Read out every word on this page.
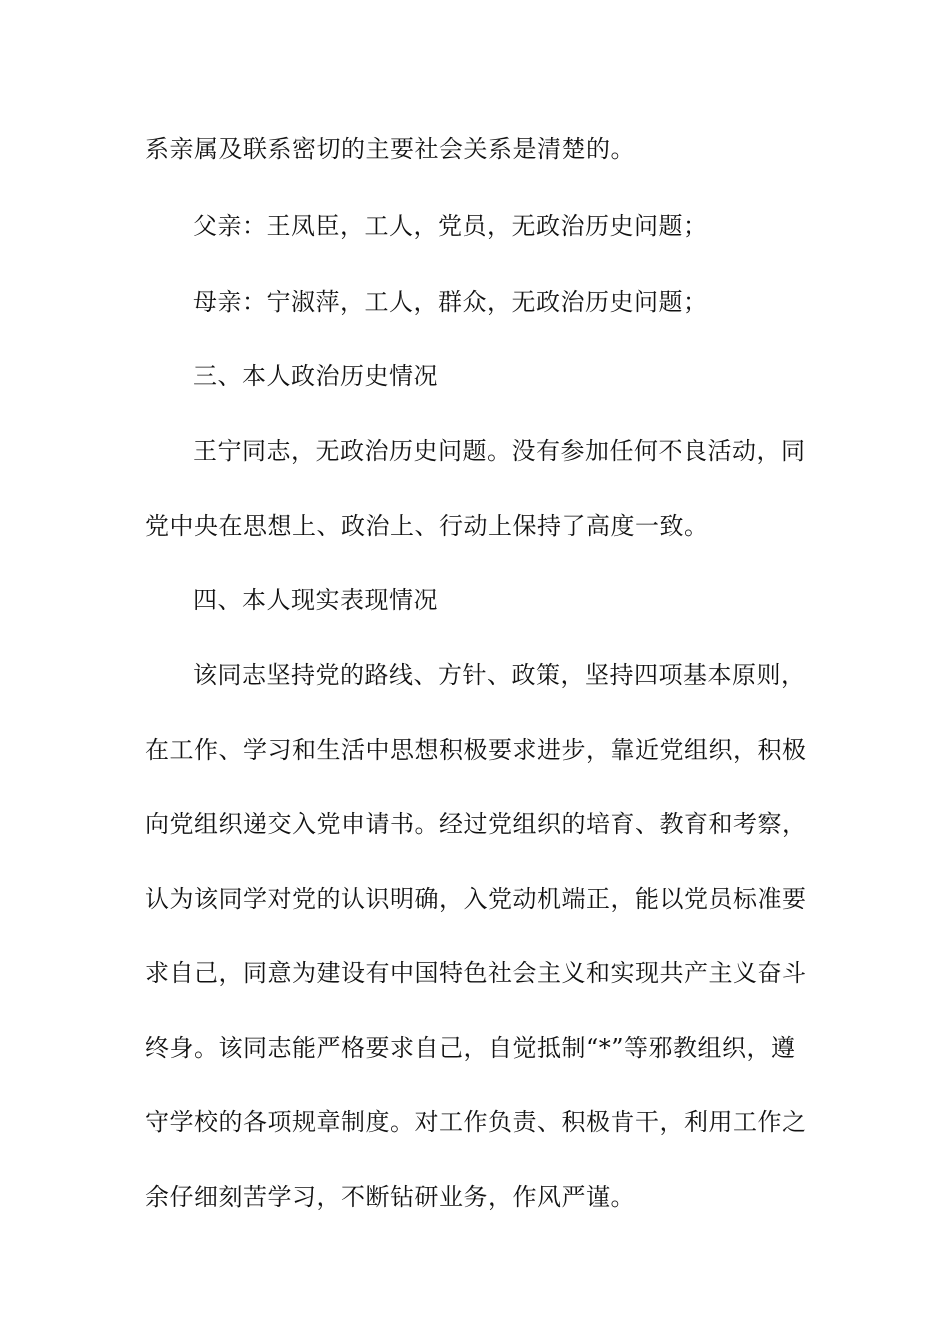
系亲属及联系密切的主要社会关系是清楚的。
父亲：王凤臣，工人，党员，无政治历史问题；
母亲：宁淑萍，工人，群众，无政治历史问题；
三、本人政治历史情况
王宁同志，无政治历史问题。没有参加任何不良活动，同
党中央在思想上、政治上、行动上保持了高度一致。
四、本人现实表现情况
该同志坚持党的路线、方针、政策，坚持四项基本原则，
在工作、学习和生活中思想积极要求进步，靠近党组织，积极
向党组织递交入党申请书。经过党组织的培育、教育和考察，
认为该同学对党的认识明确，入党动机端正，能以党员标准要
求自己，同意为建设有中国特色社会主义和实现共产主义奋斗
终身。该同志能严格要求自己，自觉抵制“*”等邪教组织，遵
守学校的各项规章制度。对工作负责、积极肯干，利用工作之
余仔细刻苦学习，不断钻研业务，作风严谨。
